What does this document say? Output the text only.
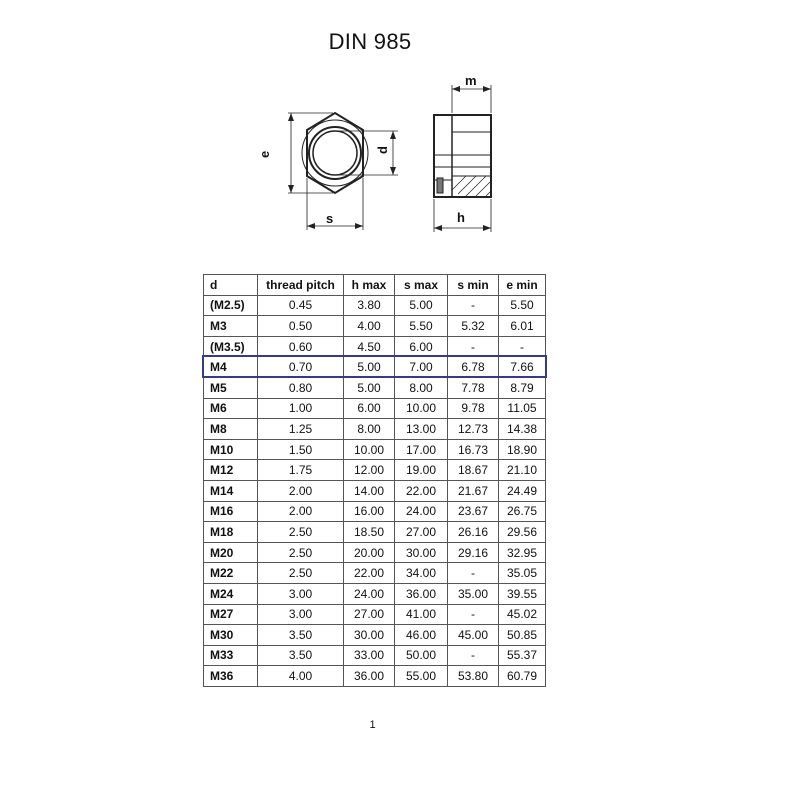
DIN 985
e
d
s
m
h
d	thread pitch	h max	s max	s min	e min
(M2.5)	0.45	3.80	5.00	-	5.50
M3	0.50	4.00	5.50	5.32	6.01
(M3.5)	0.60	4.50	6.00	-	-
M4	0.70	5.00	7.00	6.78	7.66
M5	0.80	5.00	8.00	7.78	8.79
M6	1.00	6.00	10.00	9.78	11.05
M8	1.25	8.00	13.00	12.73	14.38
M10	1.50	10.00	17.00	16.73	18.90
M12	1.75	12.00	19.00	18.67	21.10
M14	2.00	14.00	22.00	21.67	24.49
M16	2.00	16.00	24.00	23.67	26.75
M18	2.50	18.50	27.00	26.16	29.56
M20	2.50	20.00	30.00	29.16	32.95
M22	2.50	22.00	34.00	-	35.05
M24	3.00	24.00	36.00	35.00	39.55
M27	3.00	27.00	41.00	-	45.02
M30	3.50	30.00	46.00	45.00	50.85
M33	3.50	33.00	50.00	-	55.37
M36	4.00	36.00	55.00	53.80	60.79
1
